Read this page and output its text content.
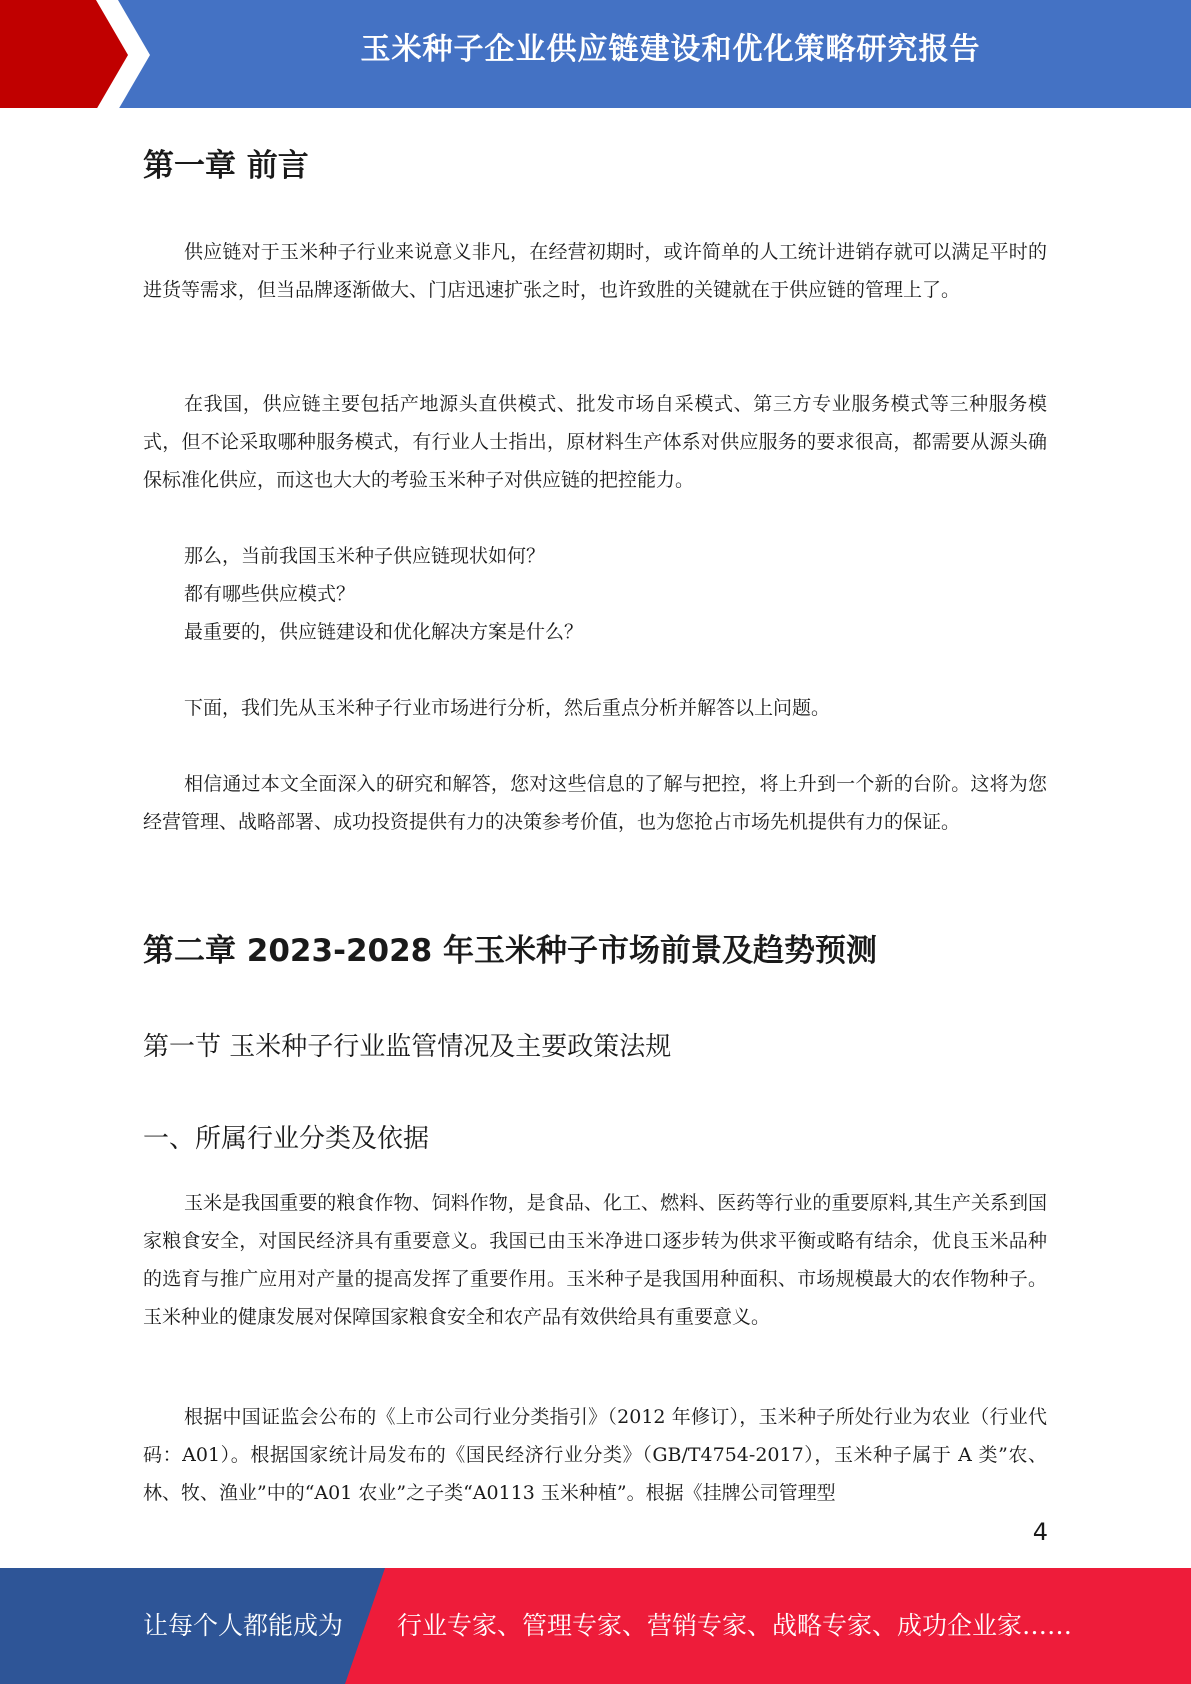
玉米种子企业供应链建设和优化策略研究报告
第一章 前言

供应链对于玉米种子行业来说意义非凡，在经营初期时，或许简单的人工统计进销存就可以满足平时的进货等需求，但当品牌逐渐做大、门店迅速扩张之时，也许致胜的关键就在于供应链的管理上了。

在我国，供应链主要包括产地源头直供模式、批发市场自采模式、第三方专业服务模式等三种服务模式，但不论采取哪种服务模式，有行业人士指出，原材料生产体系对供应服务的要求很高，都需要从源头确保标准化供应，而这也大大的考验玉米种子对供应链的把控能力。

那么，当前我国玉米种子供应链现状如何？

都有哪些供应模式？

最重要的，供应链建设和优化解决方案是什么？

下面，我们先从玉米种子行业市场进行分析，然后重点分析并解答以上问题。

相信通过本文全面深入的研究和解答，您对这些信息的了解与把控，将上升到一个新的台阶。这将为您经营管理、战略部署、成功投资提供有力的决策参考价值，也为您抢占市场先机提供有力的保证。

第二章 2023-2028 年玉米种子市场前景及趋势预测
第一节 玉米种子行业监管情况及主要政策法规
一、所属行业分类及依据

玉米是我国重要的粮食作物、饲料作物，是食品、化工、燃料、医药等行业的重要原料,其生产关系到国家粮食安全，对国民经济具有重要意义。我国已由玉米净进口逐步转为供求平衡或略有结余，优良玉米品种的选育与推广应用对产量的提高发挥了重要作用。玉米种子是我国用种面积、市场规模最大的农作物种子。玉米种业的健康发展对保障国家粮食安全和农产品有效供给具有重要意义。

根据中国证监会公布的《上市公司行业分类指引》（2012 年修订），玉米种子所处行业为农业（行业代码：A01）。根据国家统计局发布的《国民经济行业分类》（GB/T4754-2017），玉米种子属于 A 类”农、林、牧、渔业”中的“A01 农业”之子类“A0113 玉米种植”。根据《挂牌公司管理型

4
让每个人都能成为 行业专家、管理专家、营销专家、战略专家、成功企业家……
